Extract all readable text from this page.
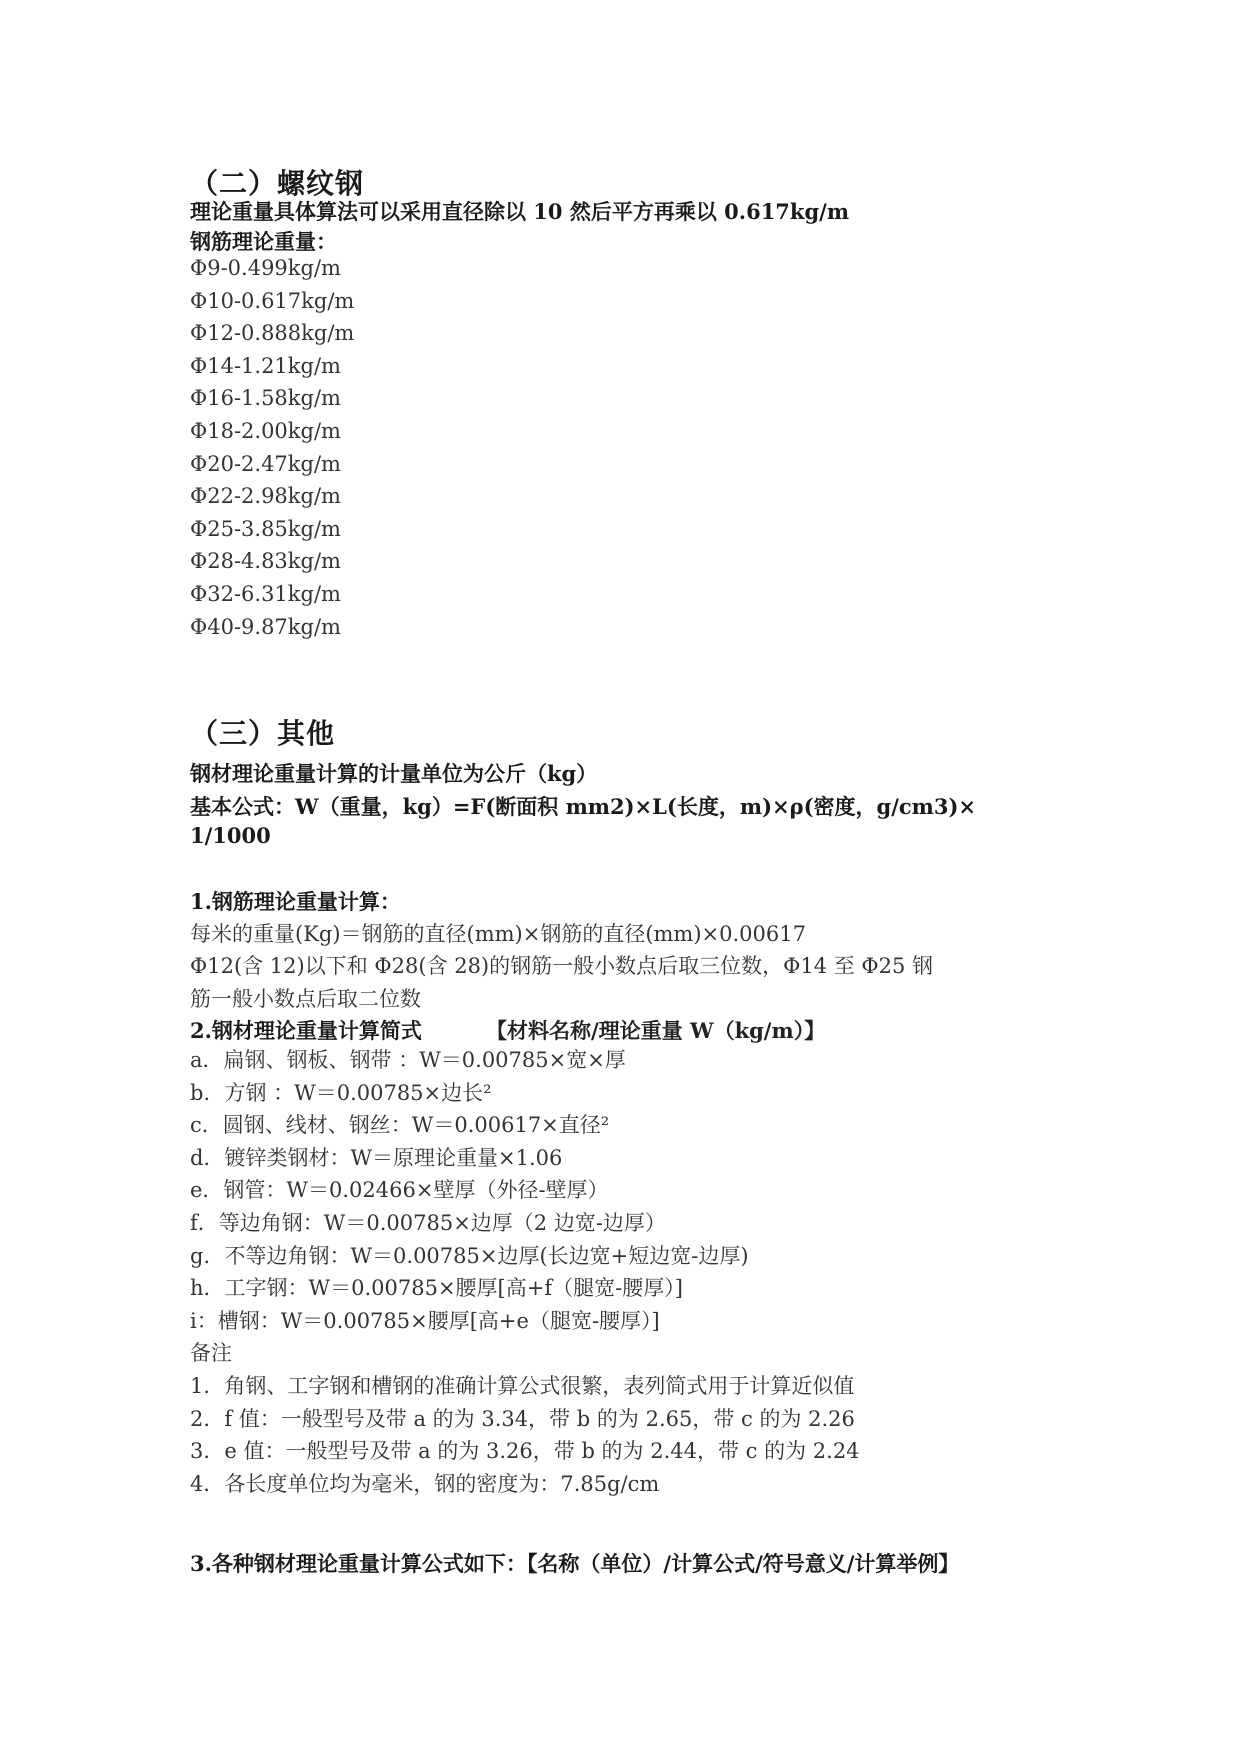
（二）螺纹钢
理论重量具体算法可以采用直径除以 10 然后平方再乘以 0.617kg/m
钢筋理论重量：
Φ9-0.499kg/m
Φ10-0.617kg/m
Φ12-0.888kg/m
Φ14-1.21kg/m
Φ16-1.58kg/m
Φ18-2.00kg/m
Φ20-2.47kg/m
Φ22-2.98kg/m
Φ25-3.85kg/m
Φ28-4.83kg/m
Φ32-6.31kg/m
Φ40-9.87kg/m
（三）其他
钢材理论重量计算的计量单位为公斤（kg）
基本公式：W（重量，kg）=F(断面积 mm2)×L(长度，m)×ρ(密度，g/cm3)×
1/1000
1.钢筋理论重量计算：
每米的重量(Kg)＝钢筋的直径(mm)×钢筋的直径(mm)×0.00617
Φ12(含 12)以下和 Φ28(含 28)的钢筋一般小数点后取三位数，Φ14 至 Φ25 钢
筋一般小数点后取二位数
2.钢材理论重量计算简式	【材料名称/理论重量 W（kg/m）】
a．扁钢、钢板、钢带 ：W＝0.00785×宽×厚
b．方钢 ：W＝0.00785×边长²
c．圆钢、线材、钢丝：W＝0.00617×直径²
d．镀锌类钢材：W＝原理论重量×1.06
e．钢管：W＝0.02466×壁厚（外径-壁厚）
f．等边角钢：W＝0.00785×边厚（2 边宽-边厚）
g．不等边角钢：W＝0.00785×边厚(长边宽+短边宽-边厚)
h．工字钢：W＝0.00785×腰厚[高+f（腿宽-腰厚）]
i：槽钢：W＝0.00785×腰厚[高+e（腿宽-腰厚）]
备注
1．角钢、工字钢和槽钢的准确计算公式很繁，表列简式用于计算近似值
2．f 值：一般型号及带 a 的为 3.34，带 b 的为 2.65，带 c 的为 2.26
3．e 值：一般型号及带 a 的为 3.26，带 b 的为 2.44，带 c 的为 2.24
4．各长度单位均为毫米，钢的密度为：7.85g/cm
3.各种钢材理论重量计算公式如下：【名称（单位）/计算公式/符号意义/计算举例】
